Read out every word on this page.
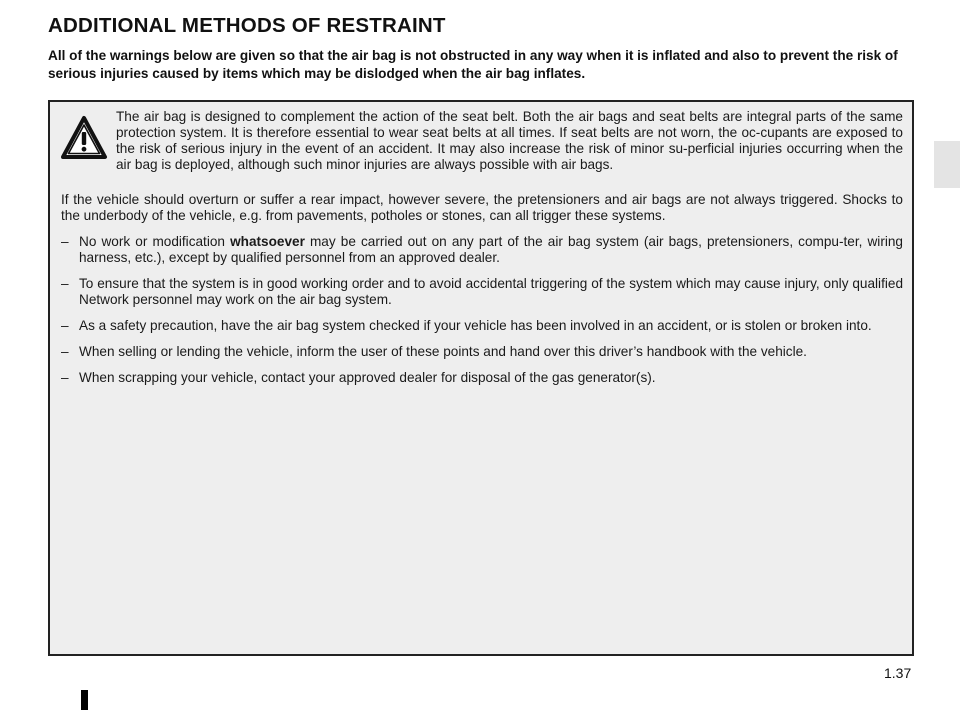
ADDITIONAL METHODS OF RESTRAINT
All of the warnings below are given so that the air bag is not obstructed in any way when it is inflated and also to prevent the risk of serious injuries caused by items which may be dislodged when the air bag inflates.
The air bag is designed to complement the action of the seat belt. Both the air bags and seat belts are integral parts of the same protection system. It is therefore essential to wear seat belts at all times. If seat belts are not worn, the oc-cupants are exposed to the risk of serious injury in the event of an accident. It may also increase the risk of minor su-perficial injuries occurring when the air bag is deployed, although such minor injuries are always possible with air bags.

If the vehicle should overturn or suffer a rear impact, however severe, the pretensioners and air bags are not always triggered. Shocks to the underbody of the vehicle, e.g. from pavements, potholes or stones, can all trigger these systems.

– No work or modification whatsoever may be carried out on any part of the air bag system (air bags, pretensioners, compu-ter, wiring harness, etc.), except by qualified personnel from an approved dealer.
– To ensure that the system is in good working order and to avoid accidental triggering of the system which may cause injury, only qualified Network personnel may work on the air bag system.
– As a safety precaution, have the air bag system checked if your vehicle has been involved in an accident, or is stolen or broken into.
– When selling or lending the vehicle, inform the user of these points and hand over this driver’s handbook with the vehicle.
– When scrapping your vehicle, contact your approved dealer for disposal of the gas generator(s).
1.37
